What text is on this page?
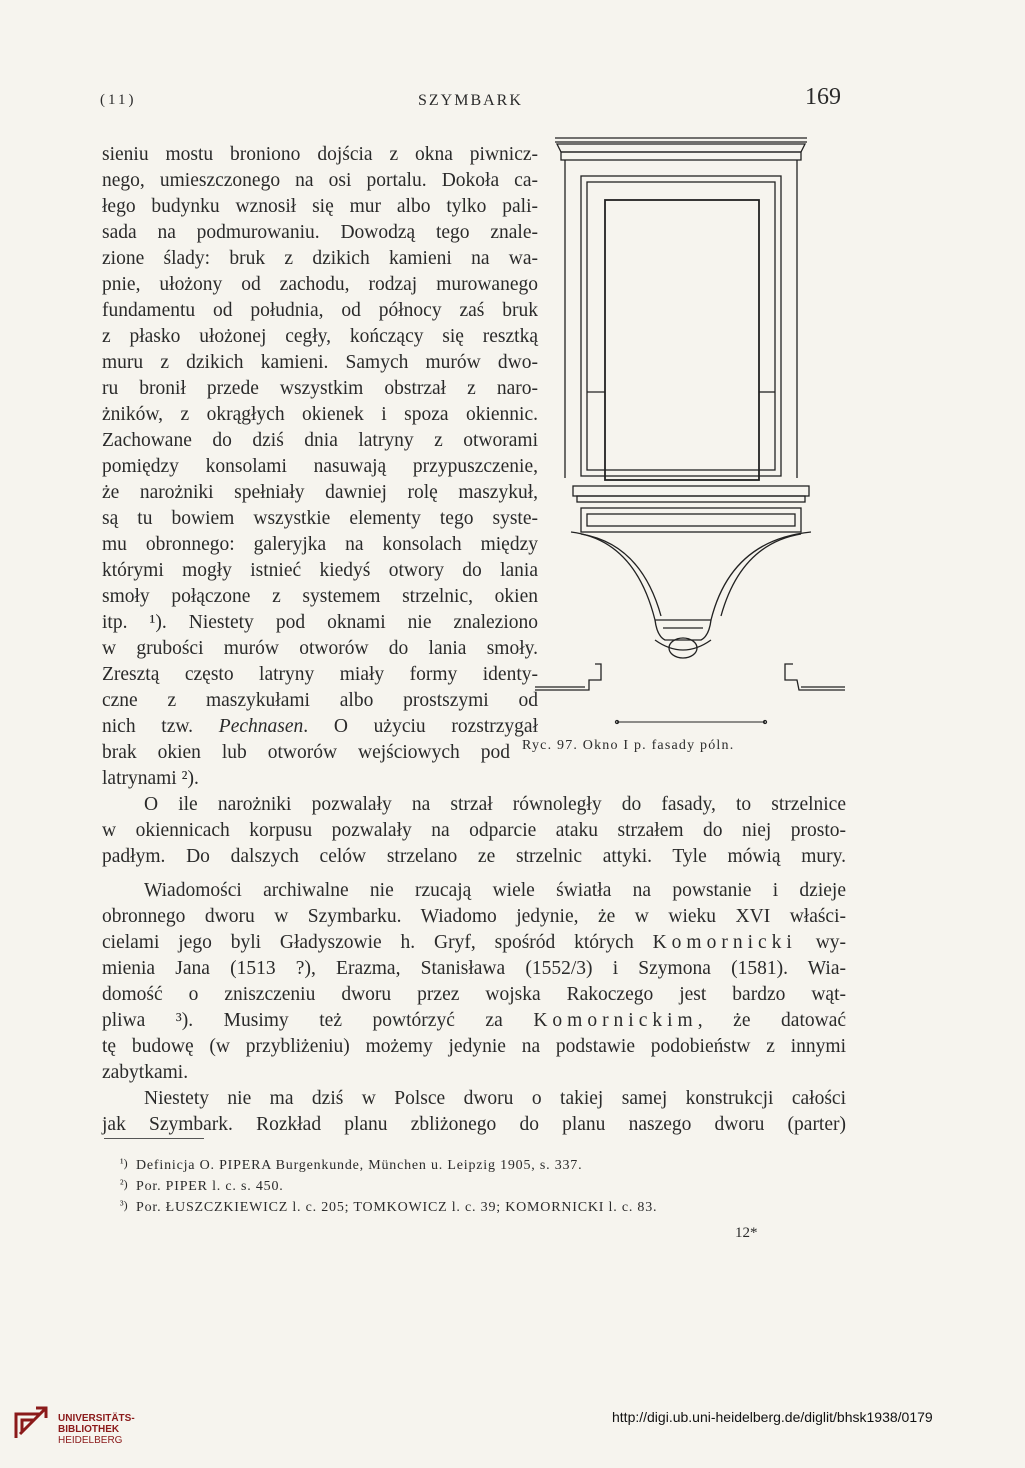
(11)	SZYMBARK	169
sieniu mostu broniono dojścia z okna piwnicz-
nego, umieszczonego na osi portalu. Dokoła ca-
łego budynku wznosił się mur albo tylko pali-
sada na podmurowaniu. Dowodzą tego znale-
zione ślady: bruk z dzikich kamieni na wa-
pnie, ułożony od zachodu, rodzaj murowanego
fundamentu od południa, od północy zaś bruk
z płasko ułożonej cegły, kończący się resztką
muru z dzikich kamieni. Samych murów dwo-
ru bronił przede wszystkim obstrzał z naro-
żników, z okrągłych okienek i spoza okiennic.
Zachowane do dziś dnia latryny z otworami
pomiędzy konsolami nasuwają przypuszczenie,
że narożniki spełniały dawniej rolę maszykuł,
są tu bowiem wszystkie elementy tego syste-
mu obronnego: galeryjka na konsolach między
którymi mogły istnieć kiedyś otwory do lania
smoły połączone z systemem strzelnic, okien
itp. ¹). Niestety pod oknami nie znaleziono
w grubości murów otworów do lania smoły.
Zresztą często latryny miały formy identy-
czne z maszykułami albo prostszymi od
nich tzw. Pechnasen. O użyciu rozstrzygał
brak okien lub otworów wejściowych pod
latrynami ²).
Ryc. 97. Okno I p. fasady póln.
O ile narożniki pozwalały na strzał równoległy do fasady, to strzelnice
w okiennicach korpusu pozwalały na odparcie ataku strzałem do niej prosto-
padłym. Do dalszych celów strzelano ze strzelnic attyki. Tyle mówią mury.
Wiadomości archiwalne nie rzucają wiele światła na powstanie i dzieje
obronnego dworu w Szymbarku. Wiadomo jedynie, że w wieku XVI właści-
cielami jego byli Gładyszowie h. Gryf, spośród których Komornicki wy-
mienia Jana (1513 ?), Erazma, Stanisława (1552/3) i Szymona (1581). Wia-
domość o zniszczeniu dworu przez wojska Rakoczego jest bardzo wąt-
pliwa ³). Musimy też powtórzyć za Komornickim, że datować
tę budowę (w przybliżeniu) możemy jedynie na podstawie podobieństw z innymi
zabytkami.
Niestety nie ma dziś w Polsce dworu o takiej samej konstrukcji całości
jak Szymbark. Rozkład planu zbliżonego do planu naszego dworu (parter)
¹) Definicja O. PIPERA Burgenkunde, München u. Leipzig 1905, s. 337.
²) Por. PIPER l. c. s. 450.
³) Por. ŁUSZCZKIEWICZ l. c. 205; TOMKOWICZ l. c. 39; KOMORNICKI l. c. 83.
12*
UNIVERSITÄTS-
BIBLIOTHEK
HEIDELBERG
http://digi.ub.uni-heidelberg.de/diglit/bhsk1938/0179
